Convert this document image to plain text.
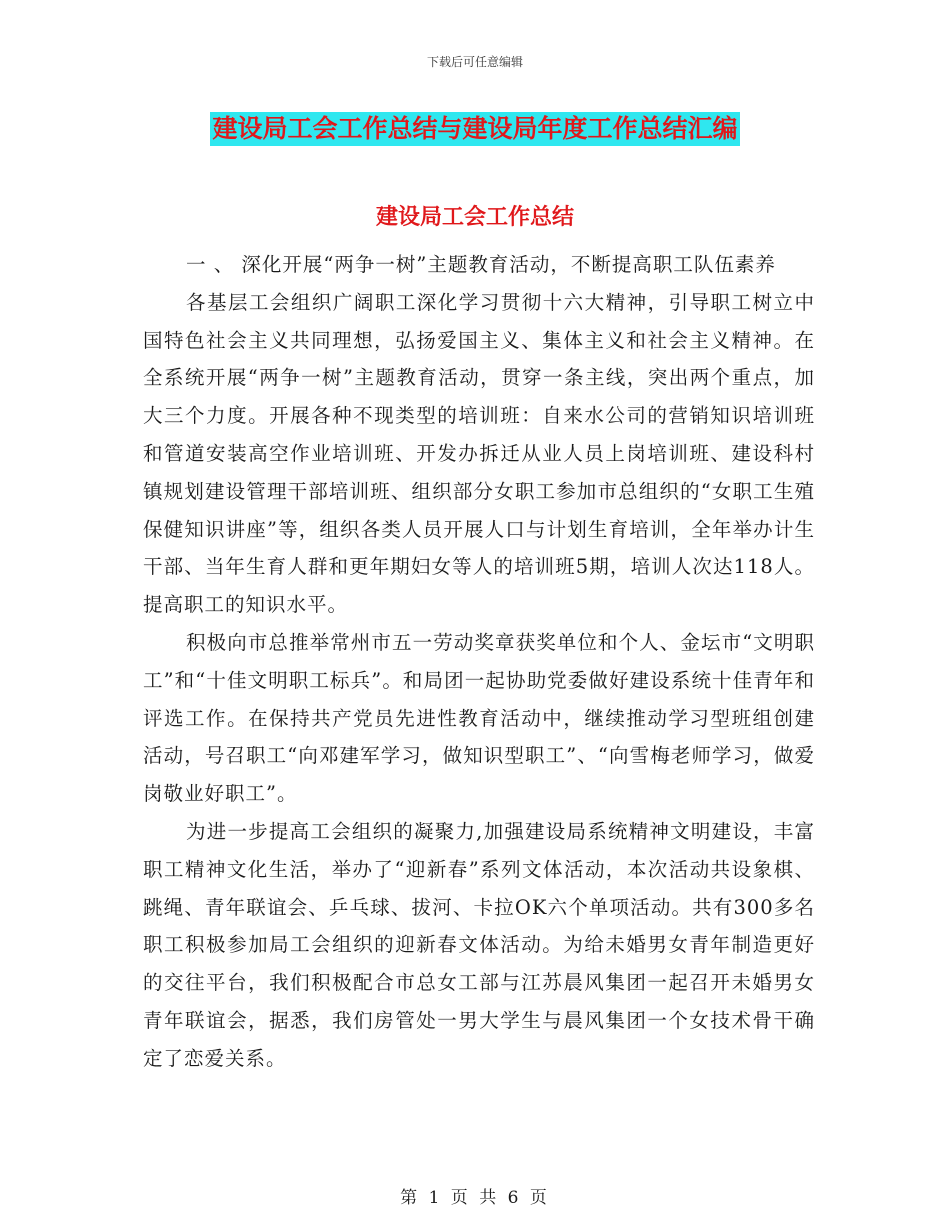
下载后可任意编辑
建设局工会工作总结与建设局年度工作总结汇编
建设局工会工作总结

一 、 深化开展“两争一树”主题教育活动，不断提高职工队伍素养

各基层工会组织广阔职工深化学习贯彻十六大精神，引导职工树立中国特色社会主义共同理想，弘扬爱国主义、集体主义和社会主义精神。在全系统开展“两争一树”主题教育活动，贯穿一条主线，突出两个重点，加大三个力度。开展各种不现类型的培训班：自来水公司的营销知识培训班和管道安装高空作业培训班、开发办拆迁从业人员上岗培训班、建设科村镇规划建设管理干部培训班、组织部分女职工参加市总组织的“女职工生殖保健知识讲座”等，组织各类人员开展人口与计划生育培训，全年举办计生干部、当年生育人群和更年期妇女等人的培训班5期，培训人次达118人。提高职工的知识水平。

积极向市总推举常州市五一劳动奖章获奖单位和个人、金坛市“文明职工”和“十佳文明职工标兵”。和局团一起协助党委做好建设系统十佳青年和评选工作。在保持共产党员先进性教育活动中，继续推动学习型班组创建活动，号召职工“向邓建军学习，做知识型职工”、“向雪梅老师学习，做爱岗敬业好职工”。

为进一步提高工会组织的凝聚力,加强建设局系统精神文明建设，丰富职工精神文化生活，举办了“迎新春”系列文体活动，本次活动共设象棋、跳绳、青年联谊会、乒乓球、拔河、卡拉OK六个单项活动。共有300多名职工积极参加局工会组织的迎新春文体活动。为给未婚男女青年制造更好的交往平台，我们积极配合市总女工部与江苏晨风集团一起召开未婚男女青年联谊会，据悉，我们房管处一男大学生与晨风集团一个女技术骨干确定了恋爱关系。

第 1 页 共 6 页
